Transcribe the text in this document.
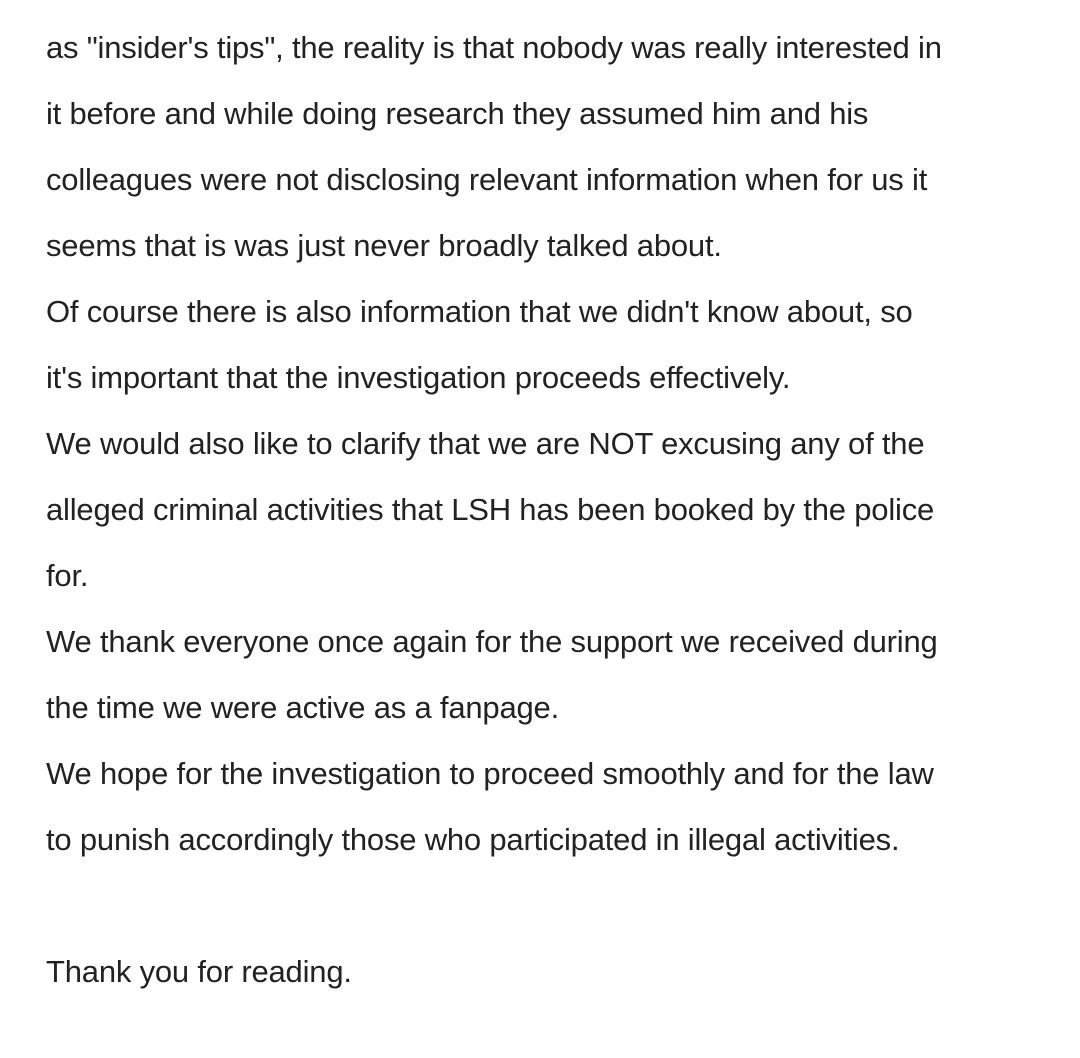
as "insider's tips", the reality is that nobody was really interested in
it before and while doing research they assumed him and his
colleagues were not disclosing relevant information when for us it
seems that is was just never broadly talked about.
Of course there is also information that we didn't know about, so
it's important that the investigation proceeds effectively.
We would also like to clarify that we are NOT excusing any of the
alleged criminal activities that LSH has been booked by the police
for.
We thank everyone once again for the support we received during
the time we were active as a fanpage.
We hope for the investigation to proceed smoothly and for the law
to punish accordingly those who participated in illegal activities.
Thank you for reading.
